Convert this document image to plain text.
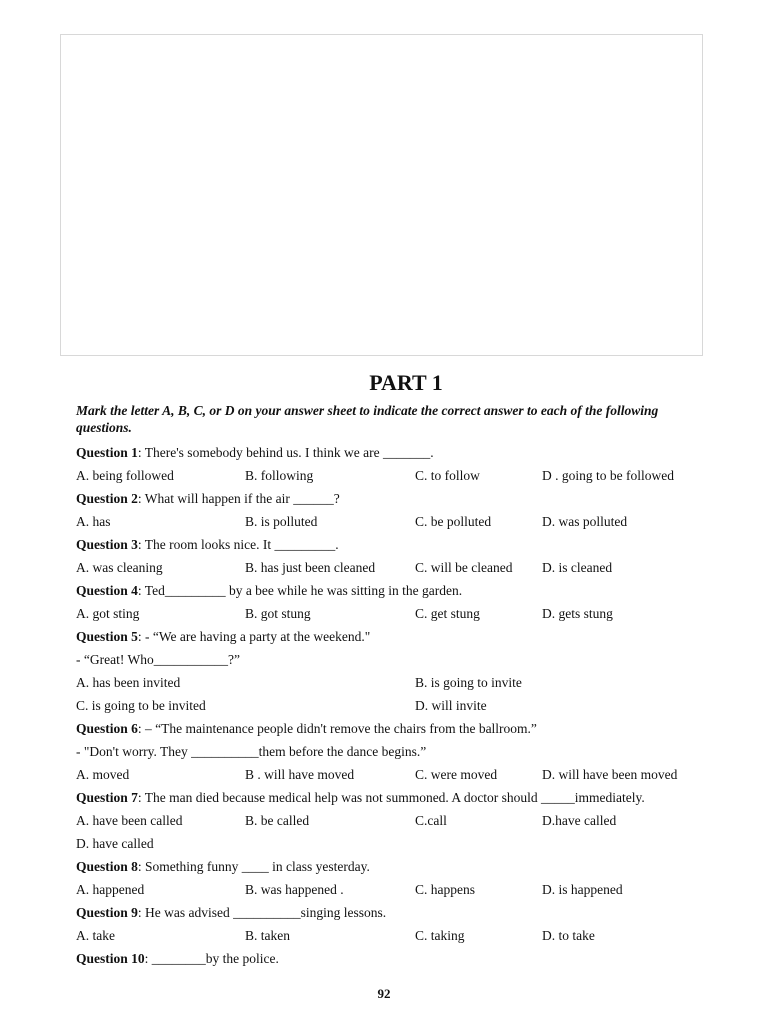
PART 1
Mark the letter A, B, C, or D on your answer sheet to indicate the correct answer to each of the following questions.
Question 1: There's somebody behind us. I think we are _______.
A. being followed	B. following	C. to follow	D . going to be followed
Question 2: What will happen if the air ______?
A. has	B. is polluted	C. be polluted	D. was polluted
Question 3: The room looks nice. It _________.
A. was cleaning	B. has just been cleaned	C. will be cleaned D. is cleaned
Question 4: Ted_________ by a bee while he was sitting in the garden.
A. got sting	B. got stung	C. get stung	D. gets stung
Question 5: - “We are having a party at the weekend."
- “Great! Who___________?”
A. has been invited	B. is going to invite
C. is going to be invited	D. will invite
Question 6: – “The maintenance people didn't remove the chairs from the ballroom.”
- "Don't worry. They __________them before the dance begins.”
A. moved	B . will have moved	C. were moved	D. will have been moved
Question 7: The man died because medical help was not summoned. A doctor should _____immediately.
A. have been called	B. be called	C.call	D.have called
D. have called
Question 8: Something funny ____ in class yesterday.
A. happened	B. was happened .	C. happens	D. is happened
Question 9: He was advised __________singing lessons.
A. take	B. taken	C. taking	D. to take
Question 10: ________by the police.
92
